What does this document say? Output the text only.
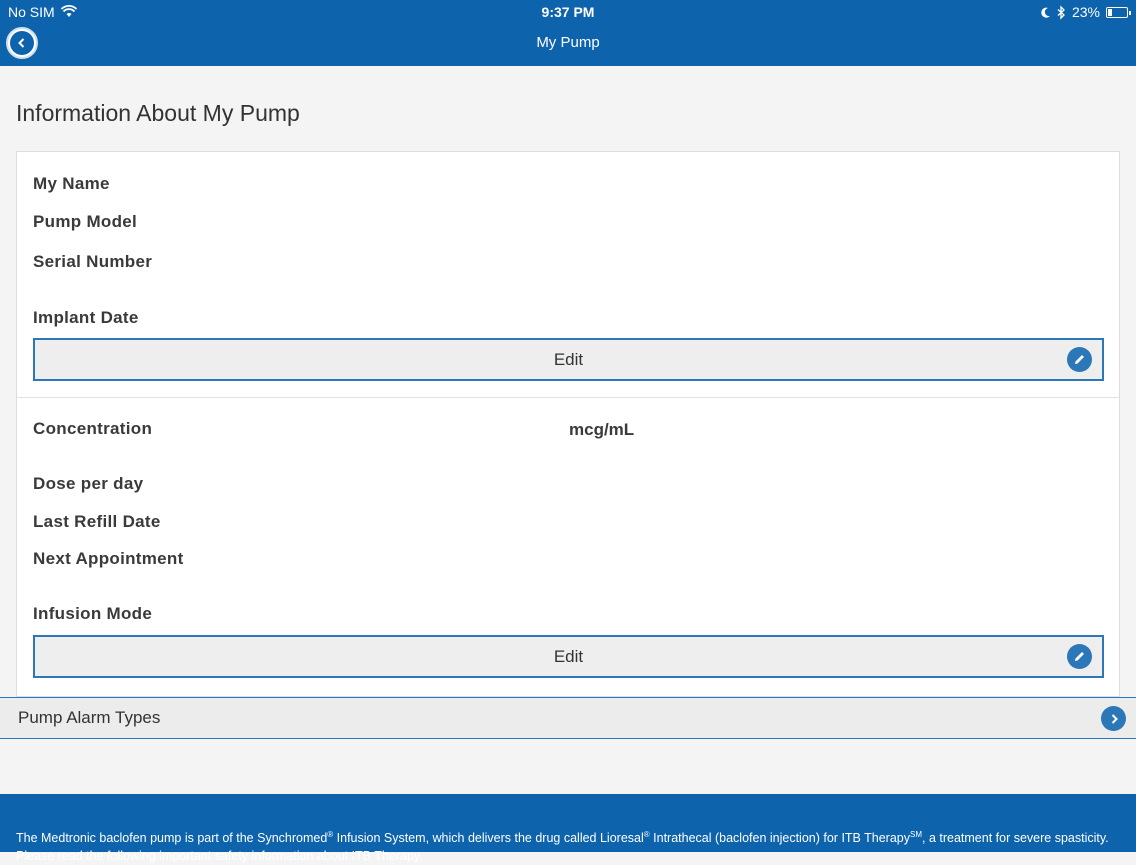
No SIM	9:37 PM	23%
My Pump
Information About My Pump
My Name
Pump Model
Serial Number
Implant Date
Edit
Concentration	mcg/mL
Dose per day
Last Refill Date
Next Appointment
Infusion Mode
Edit
Pump Alarm Types
The Medtronic baclofen pump is part of the Synchromed® Infusion System, which delivers the drug called Lioresal® Intrathecal (baclofen injection) for ITB Therapy℠, a treatment for severe spasticity.
Please read the following important safety information about ITB Therapy.
